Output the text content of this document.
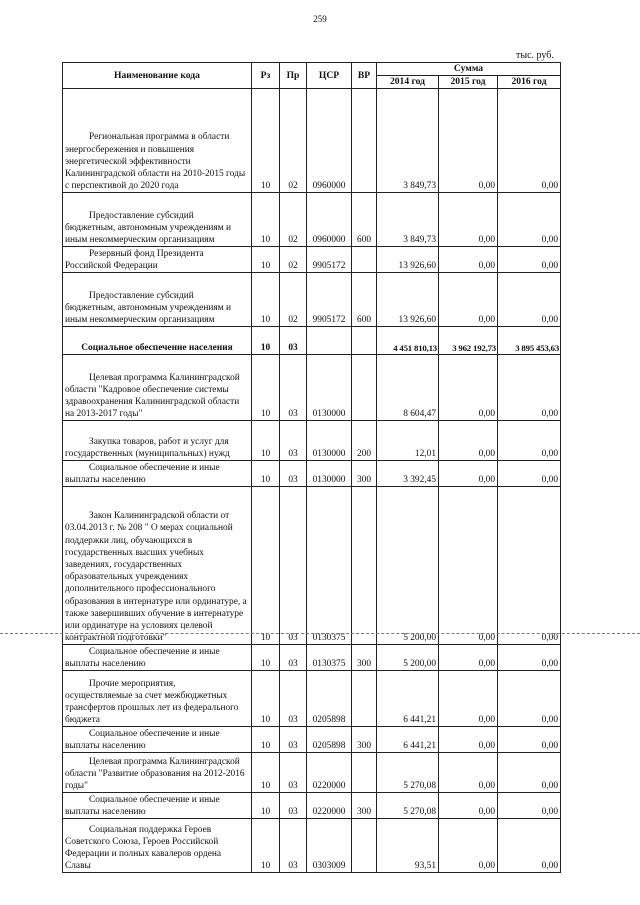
259
тыс. руб.
Наименование кода	Рз	Пр	ЦСР	ВР	Сумма		
					2014 год	2015 год	2016 год

Региональная программа в области
энергосбережения и повышения энергетической эффективности Калининградской области на 2010-2015 годы с перспективой до 2020 года	10	02	0960000		3 849,73	0,00	0,00

Предоставление субсидий
бюджетным, автономным учреждениям и иным некоммерческим организациям	10	02	0960000	600	3 849,73	0,00	0,00

Резервный фонд Президента
Российской Федерации	10	02	9905172		13 926,60	0,00	0,00

Предоставление субсидий
бюджетным, автономным учреждениям и иным некоммерческим организациям	10	02	9905172	600	13 926,60	0,00	0,00
Социальное обеспечение населения	10	03			4 451 810,13	3 962 192,73	3 895 453,63

Целевая программа Калининградской
области "Кадровое обеспечение системы здравоохранения Калининградской области на 2013-2017 годы"	10	03	0130000		8 604,47	0,00	0,00

Закупка товаров, работ и услуг для
государственных (муниципальных) нужд	10	03	0130000	200	12,01	0,00	0,00

Социальное обеспечение и иные
выплаты населению	10	03	0130000	300	3 392,45	0,00	0,00

Закон Калининградской области от
03.04.2013 г. № 208 " О мерах социальной поддержки лиц, обучающихся в государственных высших учебных заведениях, государственных образовательных учреждениях дополнительного профессионального образования в интернатуре или ординатуре, а также завершивших обучение в интернатуре или ординатуре на условиях целевой контрактной подготовки"	10	03	0130375		5 200,00	0,00	0,00

Социальное обеспечение и иные
выплаты населению	10	03	0130375	300	5 200,00	0,00	0,00

Прочие мероприятия,
осуществляемые за счет межбюджетных трансфертов прошлых лет из федерального бюджета	10	03	0205898		6 441,21	0,00	0,00

Социальное обеспечение и иные
выплаты населению	10	03	0205898	300	6 441,21	0,00	0,00

Целевая программа Калининградской
области "Развитие образования на 2012-2016 годы"	10	03	0220000		5 270,08	0,00	0,00

Социальное обеспечение и иные
выплаты населению	10	03	0220000	300	5 270,08	0,00	0,00

Социальная поддержка Героев
Советского Союза, Героев Российской Федерации и полных кавалеров ордена Славы	10	03	0303009		93,51	0,00	0,00
